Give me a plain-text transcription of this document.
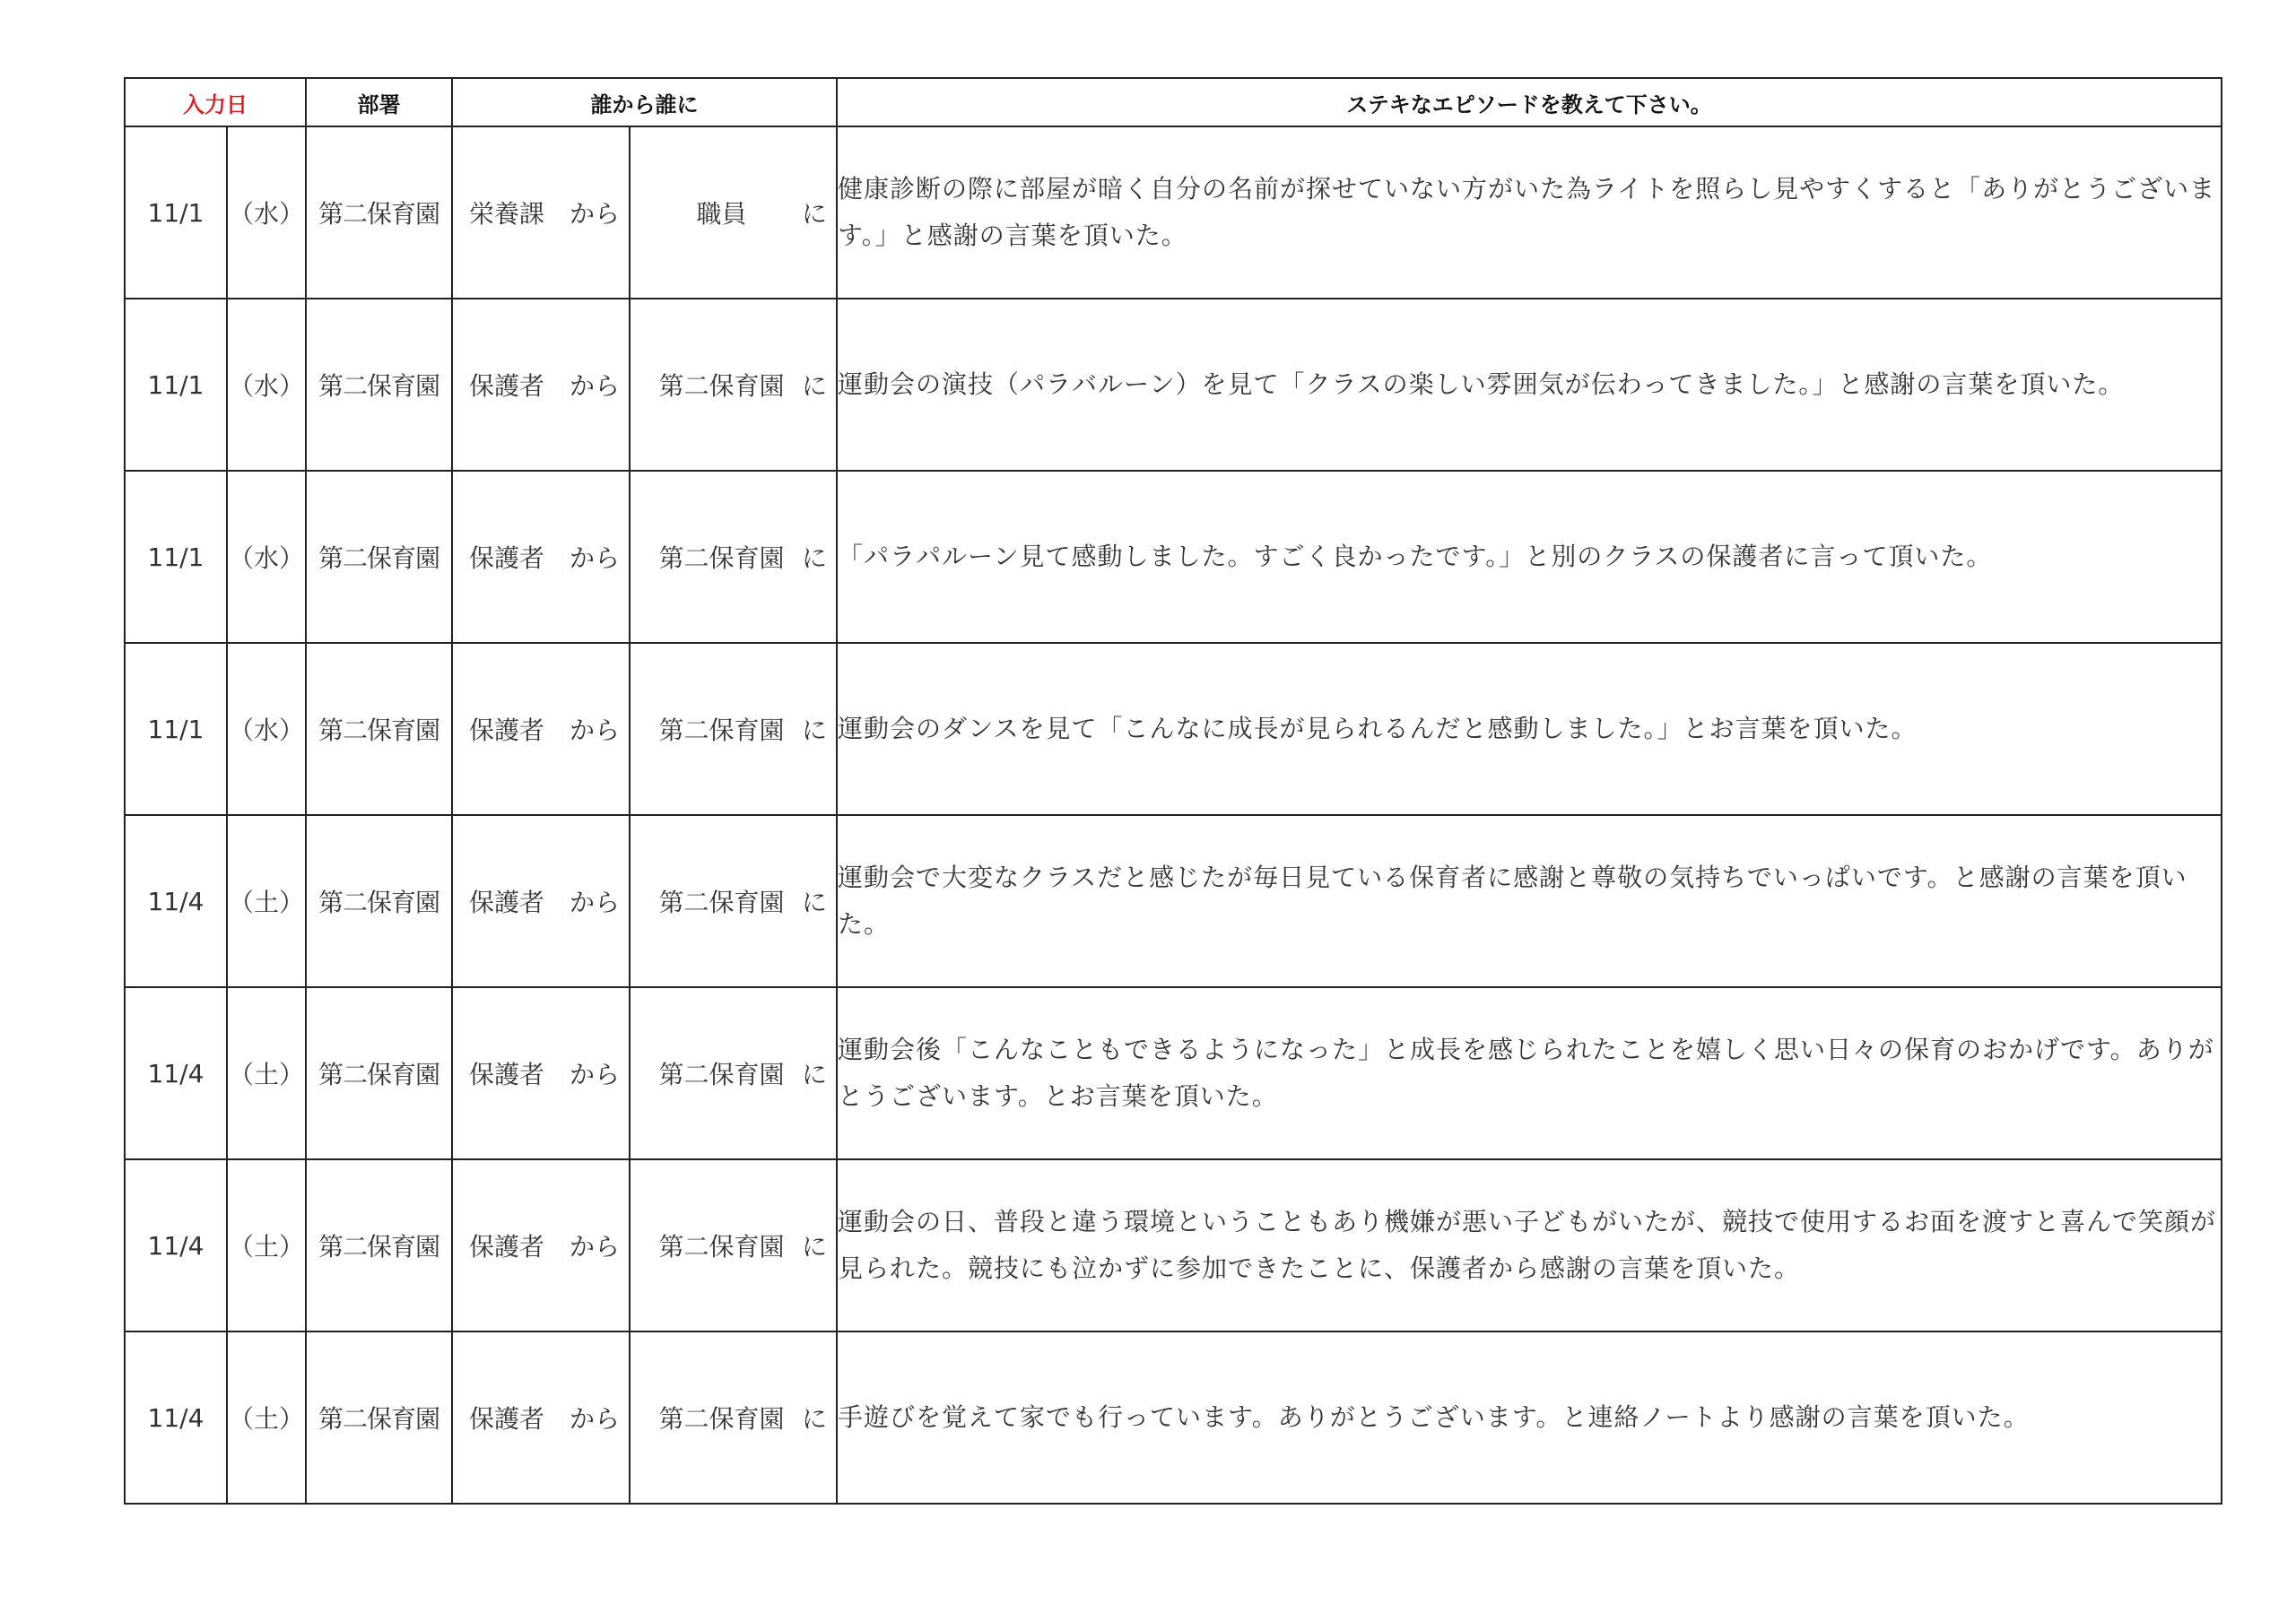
入力日		部署	誰から誰に		ステキなエピソードを教えて下さい。
11/1	（水）	第二保育園	栄養課 から	職員 に	健康診断の際に部屋が暗く自分の名前が探せていない方がいた為ライトを照らし見やすくすると「ありがとうございます。」と感謝の言葉を頂いた。
11/1	（水）	第二保育園	保護者 から	第二保育園 に	運動会の演技（パラバルーン）を見て「クラスの楽しい雰囲気が伝わってきました。」と感謝の言葉を頂いた。
11/1	（水）	第二保育園	保護者 から	第二保育園 に	「パラパルーン見て感動しました。すごく良かったです。」と別のクラスの保護者に言って頂いた。
11/1	（水）	第二保育園	保護者 から	第二保育園 に	運動会のダンスを見て「こんなに成長が見られるんだと感動しました。」とお言葉を頂いた。
11/4	（土）	第二保育園	保護者 から	第二保育園 に	運動会で大変なクラスだと感じたが毎日見ている保育者に感謝と尊敬の気持ちでいっぱいです。と感謝の言葉を頂いた。
11/4	（土）	第二保育園	保護者 から	第二保育園 に	運動会後「こんなこともできるようになった」と成長を感じられたことを嬉しく思い日々の保育のおかげです。ありがとうございます。とお言葉を頂いた。
11/4	（土）	第二保育園	保護者 から	第二保育園 に	運動会の日、普段と違う環境ということもあり機嫌が悪い子どもがいたが、競技で使用するお面を渡すと喜んで笑顔が見られた。競技にも泣かずに参加できたことに、保護者から感謝の言葉を頂いた。
11/4	（土）	第二保育園	保護者 から	第二保育園 に	手遊びを覚えて家でも行っています。ありがとうございます。と連絡ノートより感謝の言葉を頂いた。
